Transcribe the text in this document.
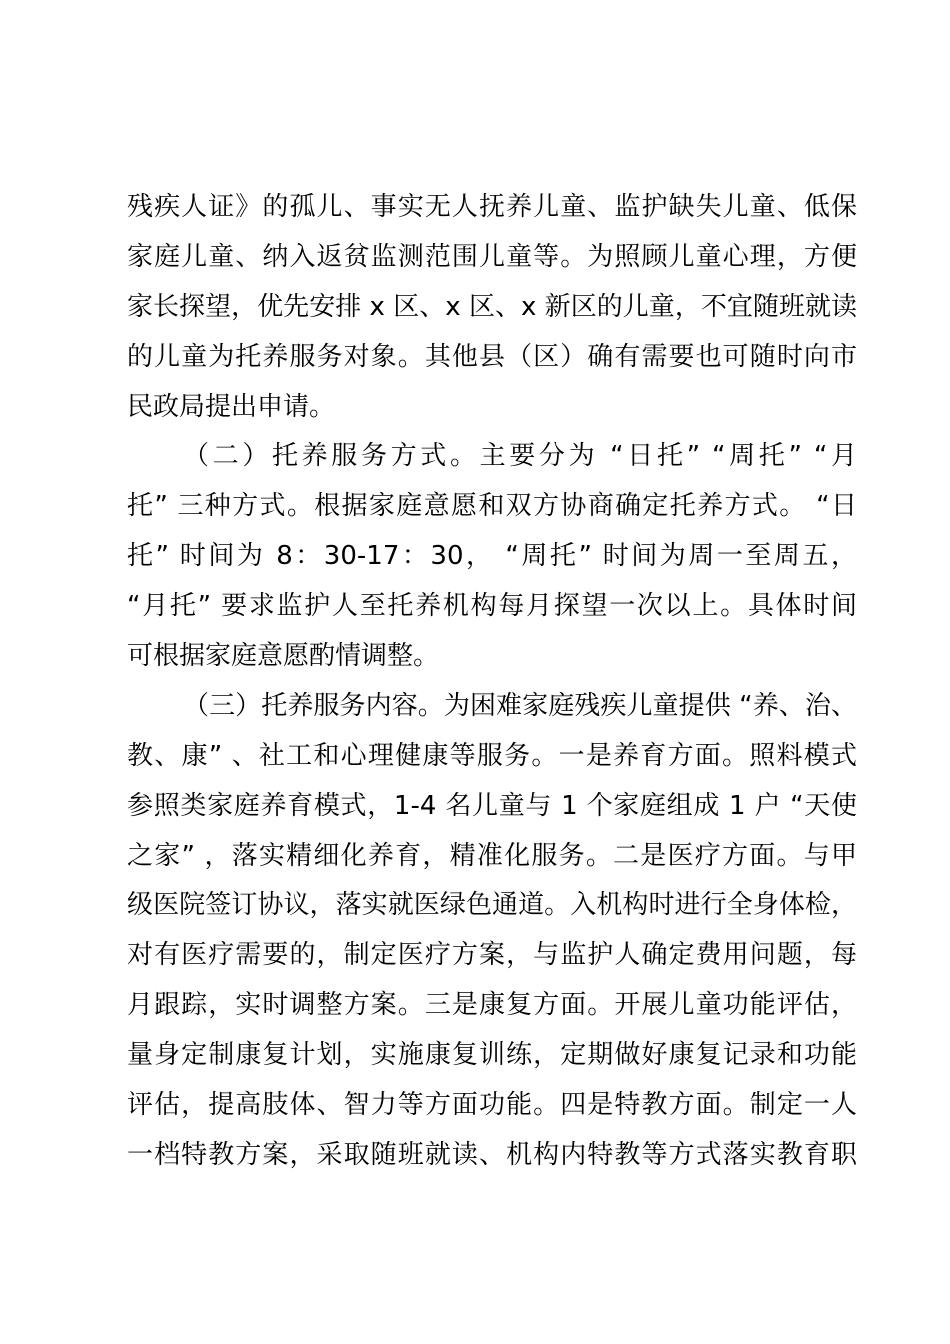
残疾人证》的孤儿、事实无人抚养儿童、监护缺失儿童、低保
家庭儿童、纳入返贫监测范围儿童等。为照顾儿童心理，方便
家长探望，优先安排 x 区、x 区、x 新区的儿童，不宜随班就读
的儿童为托养服务对象。其他县（区）确有需要也可随时向市
民政局提出申请。
（二）托养服务方式。主要分为 “日托” “周托” “月
托” 三种方式。根据家庭意愿和双方协商确定托养方式。 “日
托” 时间为 8：30-17：30， “周托” 时间为周一至周五，
“月托” 要求监护人至托养机构每月探望一次以上。具体时间
可根据家庭意愿酌情调整。
（三）托养服务内容。为困难家庭残疾儿童提供 “养、治、
教、康” 、社工和心理健康等服务。一是养育方面。照料模式
参照类家庭养育模式，1-4 名儿童与 1 个家庭组成 1 户 “天使
之家” ，落实精细化养育，精准化服务。二是医疗方面。与甲
级医院签订协议，落实就医绿色通道。入机构时进行全身体检，
对有医疗需要的，制定医疗方案，与监护人确定费用问题，每
月跟踪，实时调整方案。三是康复方面。开展儿童功能评估，
量身定制康复计划，实施康复训练，定期做好康复记录和功能
评估，提高肢体、智力等方面功能。四是特教方面。制定一人
一档特教方案，采取随班就读、机构内特教等方式落实教育职
